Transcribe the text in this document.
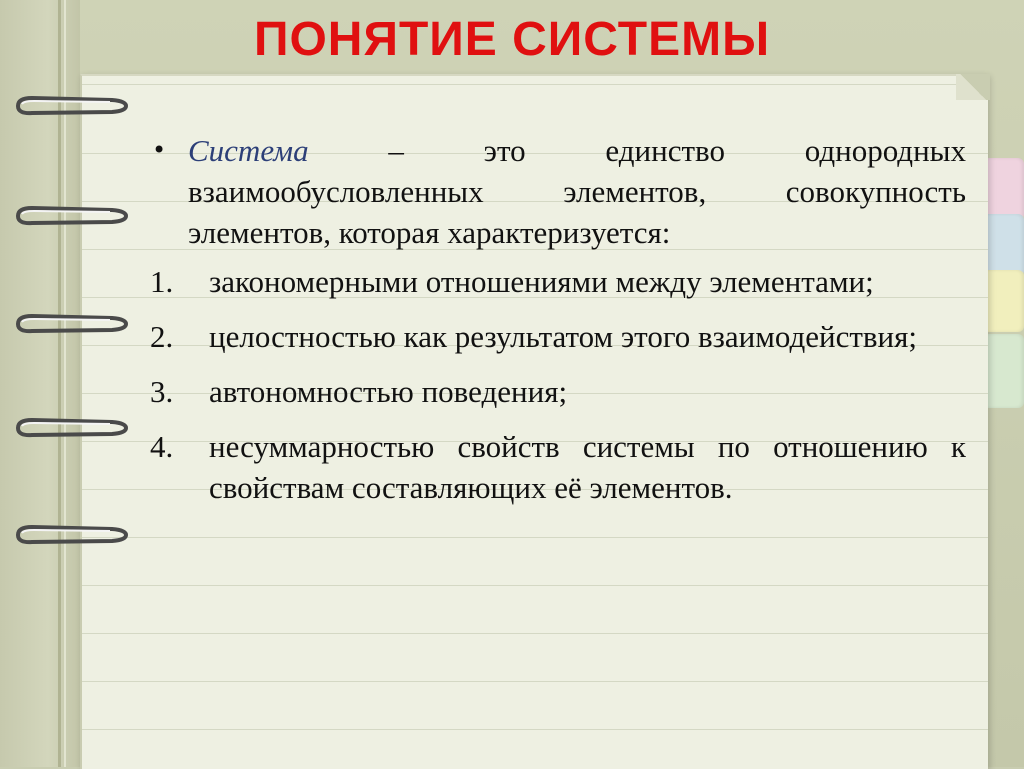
ПОНЯТИЕ СИСТЕМЫ
• Система – это единство однородных взаимообусловленных элементов, совокупность элементов, которая характеризуется:
1. закономерными отношениями между элементами;
2. целостностью как результатом этого взаимодействия;
3. автономностью поведения;
4. несуммарностью свойств системы по отношению к свойствам составляющих её элементов.
